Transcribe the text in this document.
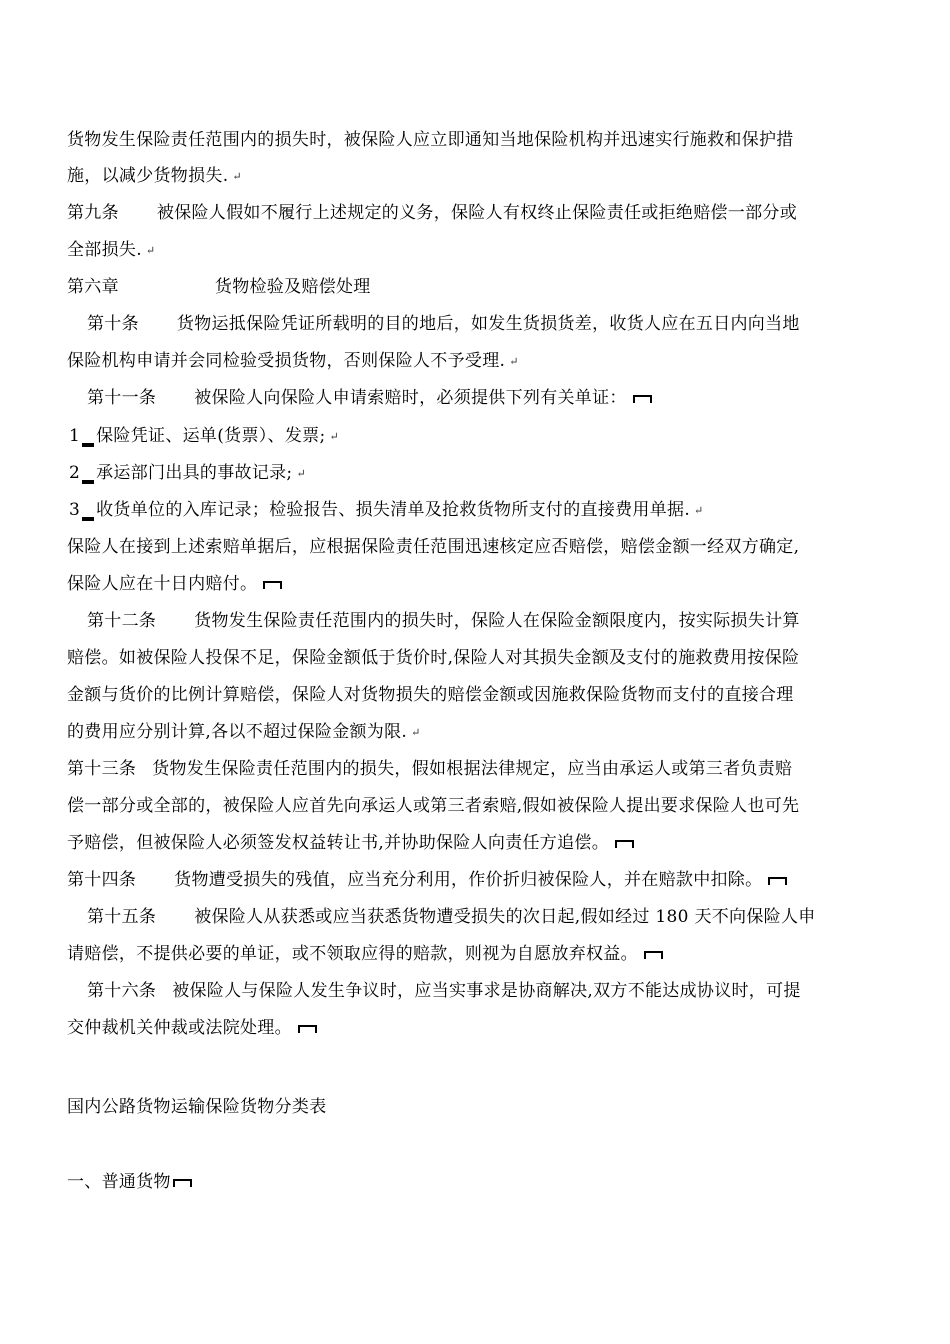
货物发生保险责任范围内的损失时，被保险人应立即通知当地保险机构并迅速实行施救和保护措
施，以减少货物损失. ↵
第九条 被保险人假如不履行上述规定的义务，保险人有权终止保险责任或拒绝赔偿一部分或
全部损失. ↵
第六章	货物检验及赔偿处理
第十条 货物运抵保险凭证所载明的目的地后，如发生货损货差，收货人应在五日内向当地
保险机构申请并会同检验受损货物，否则保险人不予受理. ↵
第十一条 被保险人向保险人申请索赔时，必须提供下列有关单证：
1 保险凭证、运单(货票）、发票; ↵
2 承运部门出具的事故记录; ↵
3 收货单位的入库记录；检验报告、损失清单及抢救货物所支付的直接费用单据. ↵
保险人在接到上述索赔单据后，应根据保险责任范围迅速核定应否赔偿，赔偿金额一经双方确定,
保险人应在十日内赔付。
第十二条 货物发生保险责任范围内的损失时，保险人在保险金额限度内，按实际损失计算
赔偿。如被保险人投保不足，保险金额低于货价时,保险人对其损失金额及支付的施救费用按保险
金额与货价的比例计算赔偿，保险人对货物损失的赔偿金额或因施救保险货物而支付的直接合理
的费用应分别计算,各以不超过保险金额为限. ↵
第十三条 货物发生保险责任范围内的损失，假如根据法律规定，应当由承运人或第三者负责赔
偿一部分或全部的，被保险人应首先向承运人或第三者索赔,假如被保险人提出要求保险人也可先
予赔偿，但被保险人必须签发权益转让书,并协助保险人向责任方追偿。
第十四条 货物遭受损失的残值，应当充分利用，作价折归被保险人，并在赔款中扣除。
第十五条 被保险人从获悉或应当获悉货物遭受损失的次日起,假如经过 180 天不向保险人申
请赔偿，不提供必要的单证，或不领取应得的赔款，则视为自愿放弃权益。
第十六条 被保险人与保险人发生争议时，应当实事求是协商解决,双方不能达成协议时，可提
交仲裁机关仲裁或法院处理。
国内公路货物运输保险货物分类表
一、普通货物
